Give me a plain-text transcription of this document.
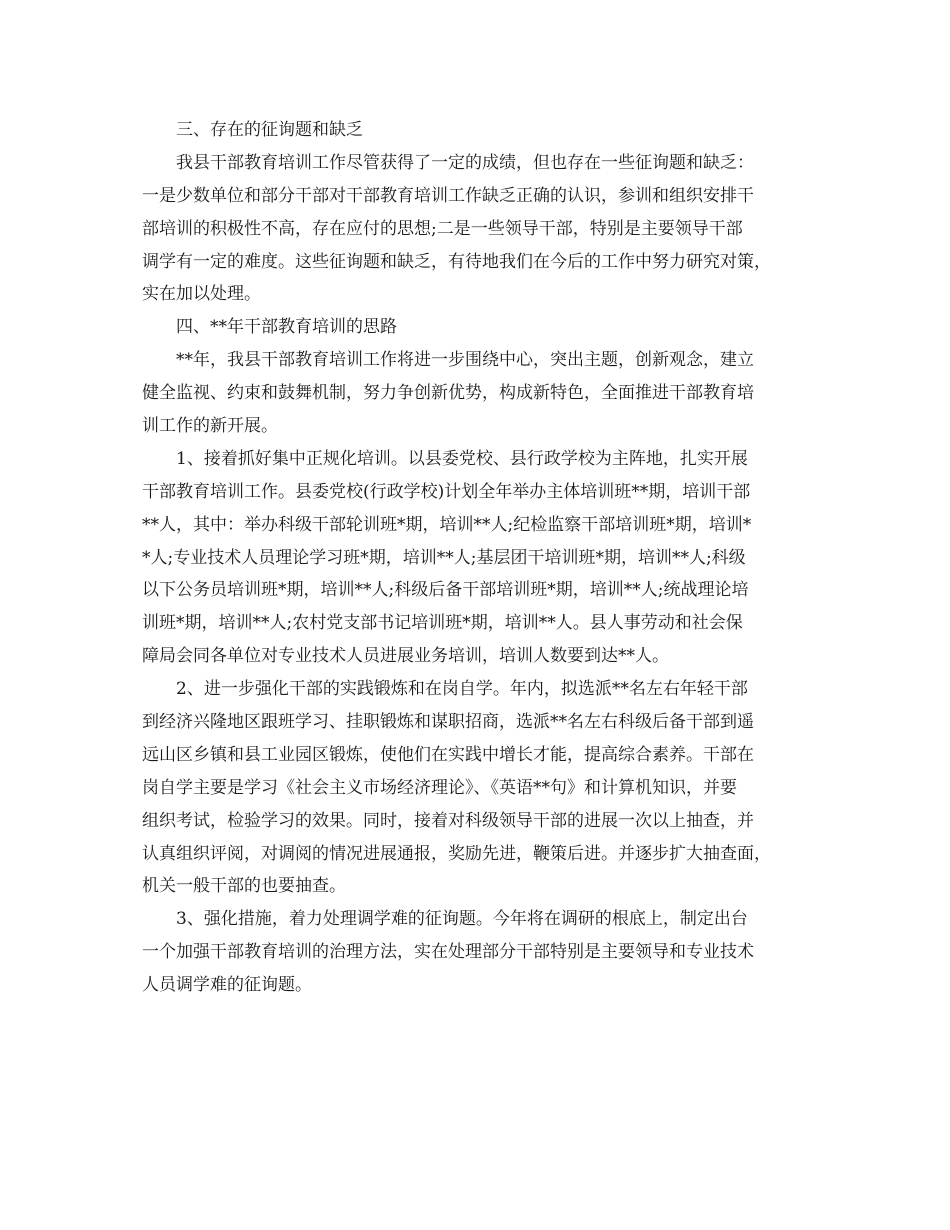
三、存在的征询题和缺乏
我县干部教育培训工作尽管获得了一定的成绩，但也存在一些征询题和缺乏：
一是少数单位和部分干部对干部教育培训工作缺乏正确的认识，参训和组织安排干
部培训的积极性不高，存在应付的思想;二是一些领导干部，特别是主要领导干部
调学有一定的难度。这些征询题和缺乏，有待地我们在今后的工作中努力研究对策，
实在加以处理。
四、**年干部教育培训的思路
**年，我县干部教育培训工作将进一步围绕中心，突出主题，创新观念，建立
健全监视、约束和鼓舞机制，努力争创新优势，构成新特色，全面推进干部教育培
训工作的新开展。
1、接着抓好集中正规化培训。以县委党校、县行政学校为主阵地，扎实开展
干部教育培训工作。县委党校(行政学校)计划全年举办主体培训班**期，培训干部
**人，其中：举办科级干部轮训班*期，培训**人;纪检监察干部培训班*期，培训*
*人;专业技术人员理论学习班*期，培训**人;基层团干培训班*期，培训**人;科级
以下公务员培训班*期，培训**人;科级后备干部培训班*期，培训**人;统战理论培
训班*期，培训**人;农村党支部书记培训班*期，培训**人。县人事劳动和社会保
障局会同各单位对专业技术人员进展业务培训，培训人数要到达**人。
2、进一步强化干部的实践锻炼和在岗自学。年内，拟选派**名左右年轻干部
到经济兴隆地区跟班学习、挂职锻炼和谋职招商，选派**名左右科级后备干部到遥
远山区乡镇和县工业园区锻炼，使他们在实践中增长才能，提高综合素养。干部在
岗自学主要是学习《社会主义市场经济理论》、《英语**句》和计算机知识，并要
组织考试，检验学习的效果。同时，接着对科级领导干部的进展一次以上抽查，并
认真组织评阅，对调阅的情况进展通报，奖励先进，鞭策后进。并逐步扩大抽查面，
机关一般干部的也要抽查。
3、强化措施，着力处理调学难的征询题。今年将在调研的根底上，制定出台
一个加强干部教育培训的治理方法，实在处理部分干部特别是主要领导和专业技术
人员调学难的征询题。
